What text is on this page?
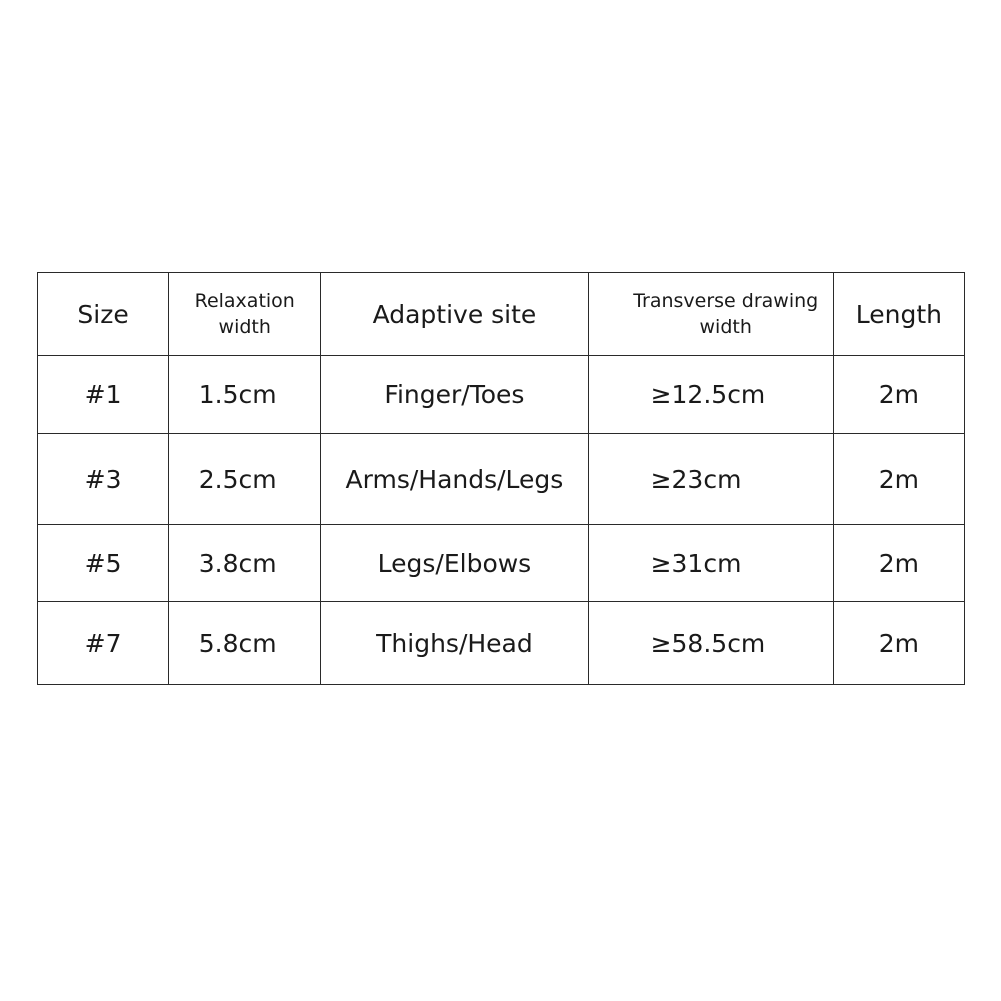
Size	Relaxation width	Adaptive site	Transverse drawing width	Length
#1	1.5cm	Finger/Toes	≥12.5cm	2m
#3	2.5cm	Arms/Hands/Legs	≥23cm	2m
#5	3.8cm	Legs/Elbows	≥31cm	2m
#7	5.8cm	Thighs/Head	≥58.5cm	2m
